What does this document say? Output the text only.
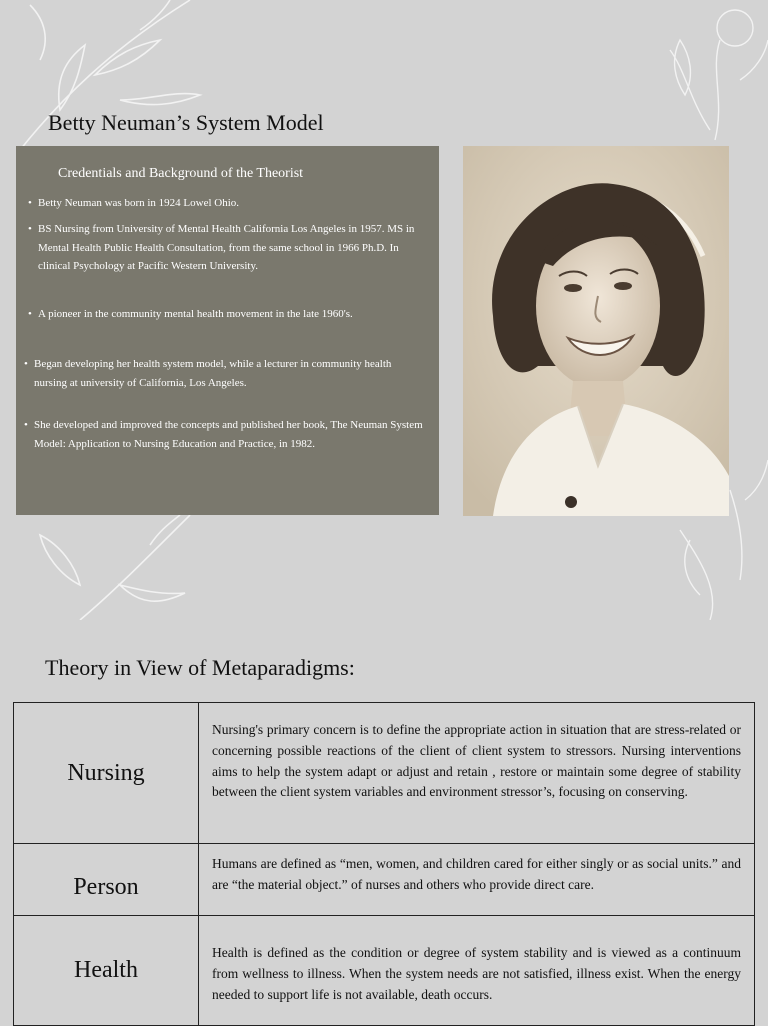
Betty Neuman’s System Model
Credentials and Background of the Theorist
• Betty Neuman was born in 1924 Lowel Ohio.
• BS Nursing from University of Mental Health California Los Angeles in 1957. MS in Mental Health Public Health Consultation, from the same school in 1966 Ph.D. In clinical Psychology at Pacific Western University.
• A pioneer in the community mental health movement in the late 1960's.
• Began developing her health system model, while a lecturer in community health nursing at university of California, Los Angeles.
• She developed and improved the concepts and published her book, The Neuman System Model: Application to Nursing Education and Practice, in 1982.
Theory in View of Metaparadigms:
Nursing	Nursing's primary concern is to define the appropriate action in situation that are stress-related or concerning possible reactions of the client of client system to stressors. Nursing interventions aims to help the system adapt or adjust and retain , restore or maintain some degree of stability between the client system variables and environment stressor’s, focusing on conserving.

Person	Humans are defined as “men, women, and children cared for either singly or as social units.” and are “the material object.” of nurses and others who provide direct care.

Health	Health is defined as the condition or degree of system stability and is viewed as a continuum from wellness to illness. When the system needs are not satisfied, illness exist. When the energy needed to support life is not available, death occurs.
